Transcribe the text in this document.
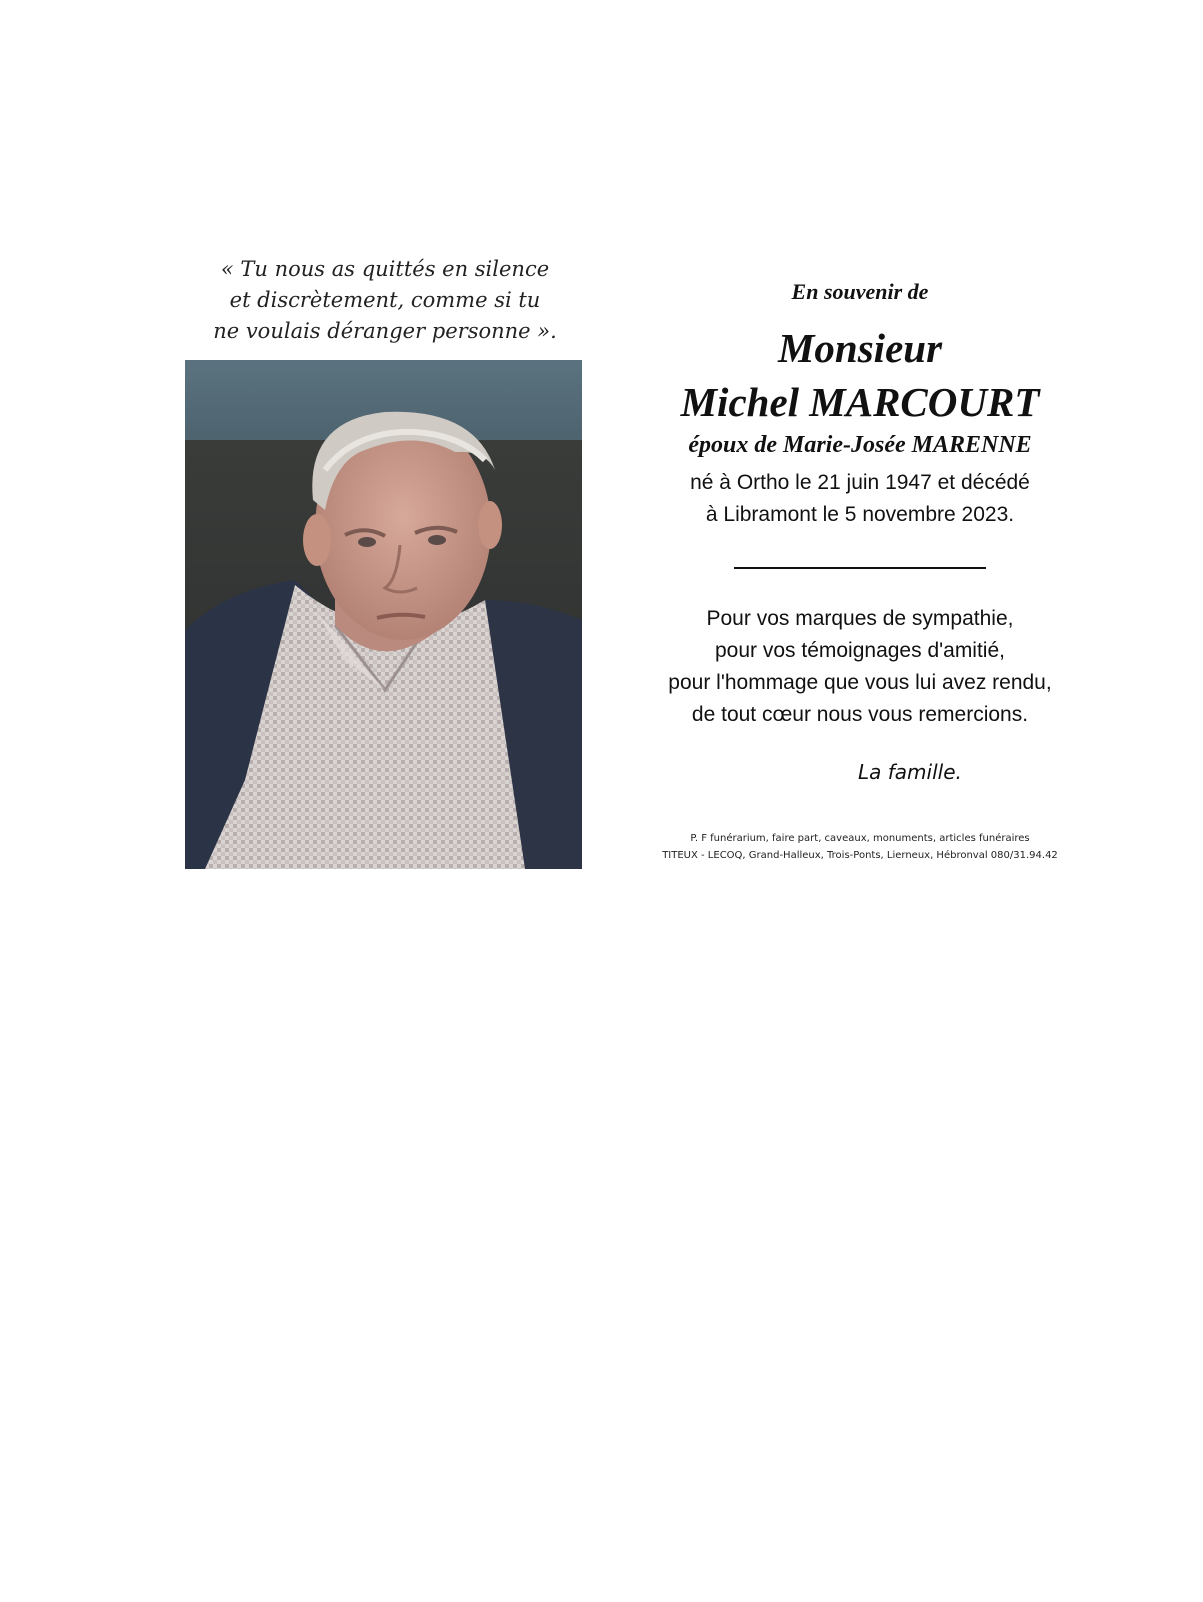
« Tu nous as quittés en silence
et discrètement, comme si tu
ne voulais déranger personne ».
En souvenir de
Monsieur
Michel MARCOURT
époux de Marie-Josée MARENNE
né à Ortho le 21 juin 1947 et décédé
à Libramont le 5 novembre 2023.
Pour vos marques de sympathie,
pour vos témoignages d'amitié,
pour l'hommage que vous lui avez rendu,
de tout cœur nous vous remercions.
La famille.
P. F funérarium, faire part, caveaux, monuments, articles funéraires
TITEUX - LECOQ, Grand-Halleux, Trois-Ponts, Lierneux, Hébronval 080/31.94.42
